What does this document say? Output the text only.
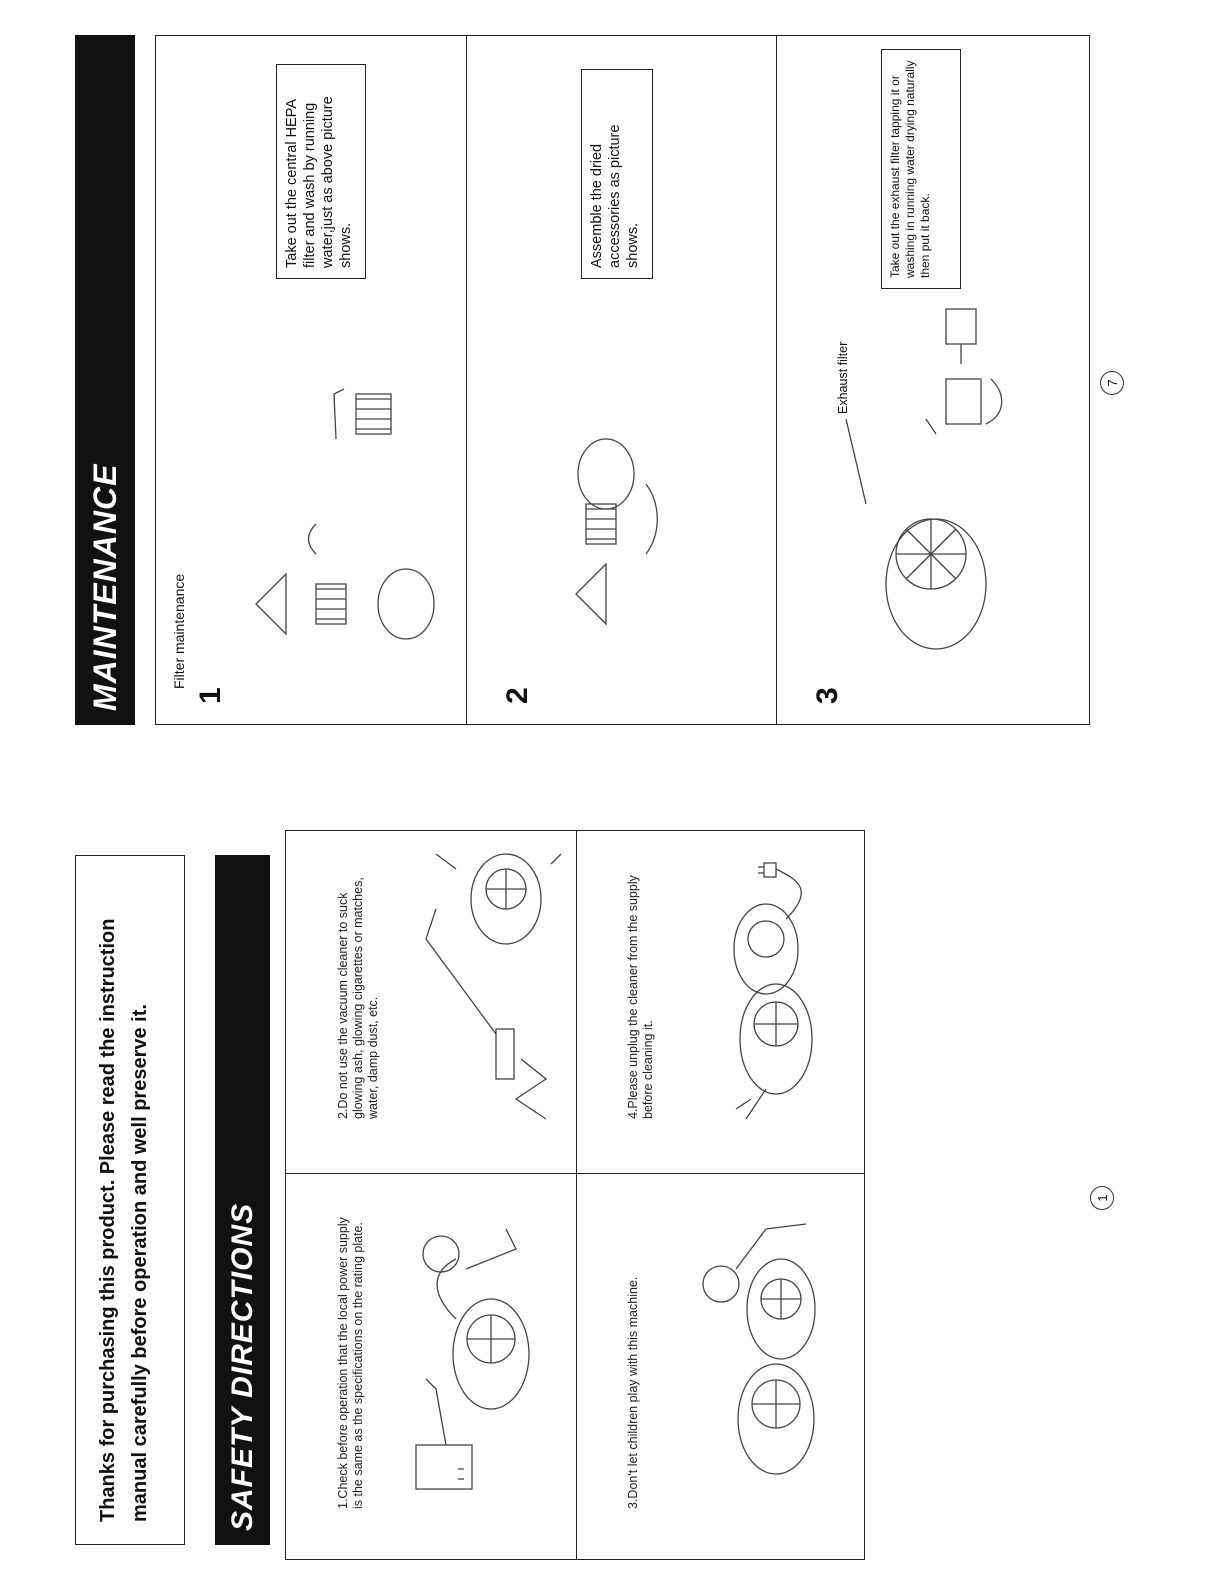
Thanks for purchasing this product. Please read the instruction manual carefully before operation and well preserve it. SAFETY DIRECTIONS	1.Check before operation that the local power supply is the same as the specifications on the rating plate.
2.Do not use the vacuum cleaner to suck glowing ash, glowing cigarettes or matches, water, damp dust, etc.
3.Don't let children play with this machine.
4.Please unplug the cleaner from the supply before cleaning it.
1
MAINTENANCE	Filter maintenance
1
Take out the central HEPA filter and wash by running water,just as above picture shows.
2
Assemble the dried accessories as picture shows.
3
Exhaust filter
Take out the exhaust filter tapping it or washing in running water drying naturally then put it back.
7
